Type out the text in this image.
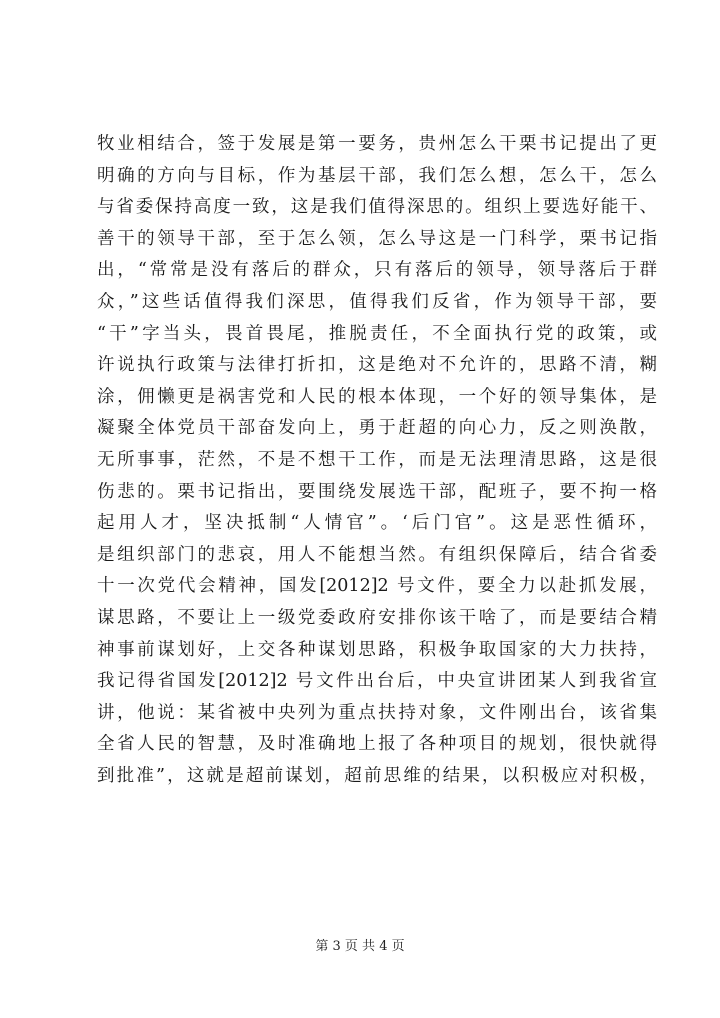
牧业相结合，签于发展是第一要务，贵州怎么干栗书记提出了更
明确的方向与目标，作为基层干部，我们怎么想，怎么干，怎么
与省委保持高度一致，这是我们值得深思的。组织上要选好能干、
善干的领导干部，至于怎么领，怎么导这是一门科学，栗书记指
出，“常常是没有落后的群众，只有落后的领导，领导落后于群
众，”这些话值得我们深思，值得我们反省，作为领导干部，要
“干”字当头，畏首畏尾，推脱责任，不全面执行党的政策，或
许说执行政策与法律打折扣，这是绝对不允许的，思路不清，糊
涂，佣懒更是祸害党和人民的根本体现，一个好的领导集体，是
凝聚全体党员干部奋发向上，勇于赶超的向心力，反之则涣散，
无所事事，茫然，不是不想干工作，而是无法理清思路，这是很
伤悲的。栗书记指出，要围绕发展选干部，配班子，要不拘一格
起用人才，坚决抵制“人情官”。‘后门官”。这是恶性循环，
是组织部门的悲哀，用人不能想当然。有组织保障后，结合省委
十一次党代会精神，国发[2012]2 号文件，要全力以赴抓发展，
谋思路，不要让上一级党委政府安排你该干啥了，而是要结合精
神事前谋划好，上交各种谋划思路，积极争取国家的大力扶持，
我记得省国发[2012]2 号文件出台后，中央宣讲团某人到我省宣
讲，他说：某省被中央列为重点扶持对象，文件刚出台，该省集
全省人民的智慧，及时准确地上报了各种项目的规划，很快就得
到批准”，这就是超前谋划，超前思维的结果，以积极应对积极，
第 3 页 共 4 页
